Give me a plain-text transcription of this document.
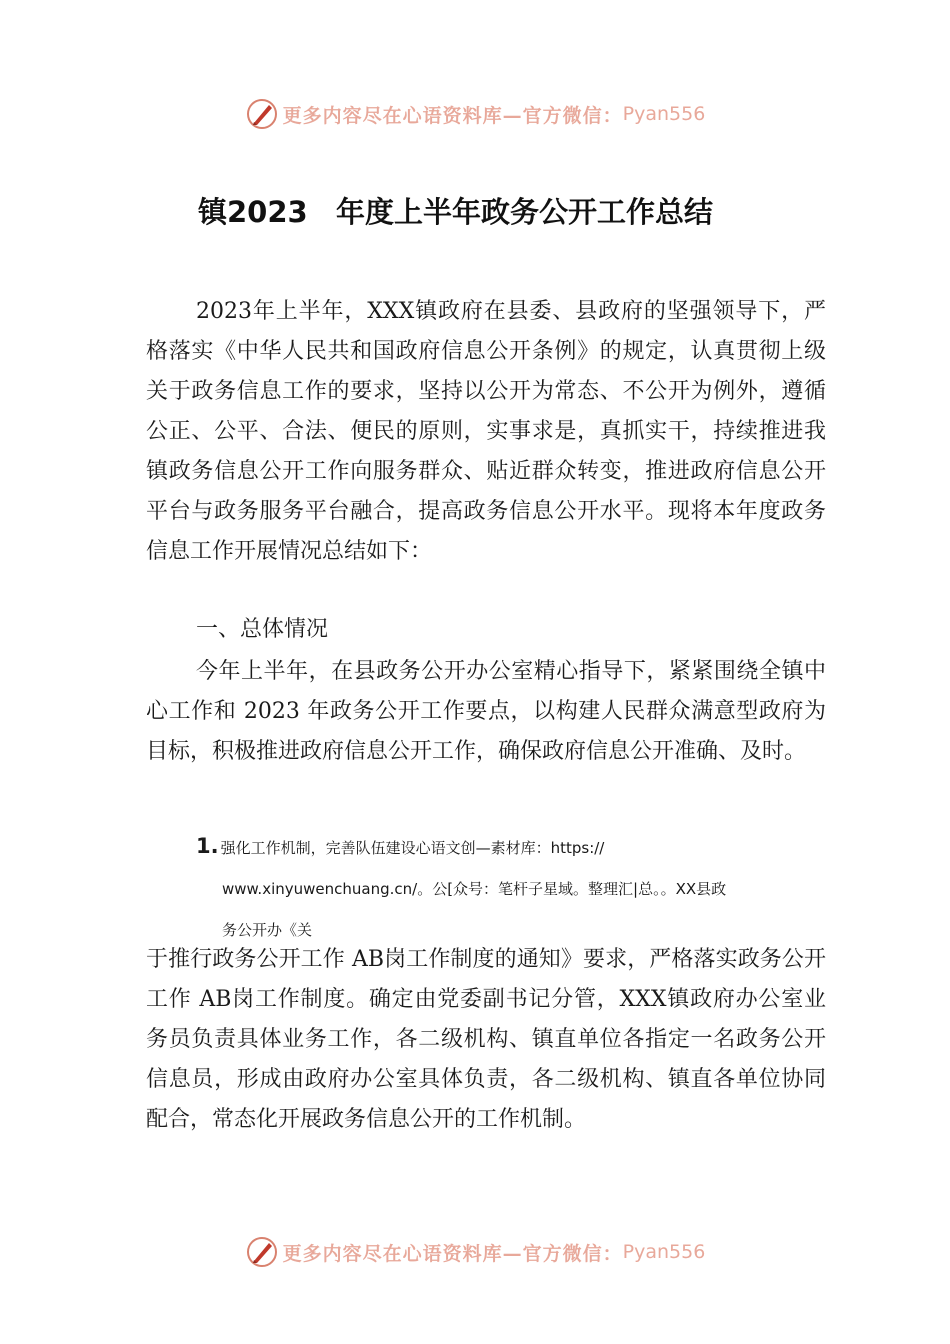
更多内容尽在心语资料库—官方微信： Pyan556
镇2023 年度上半年政务公开工作总结

2023年上半年，XXX镇政府在县委、县政府的坚强领导下，严格落实《中华人民共和国政府信息公开条例》的规定，认真贯彻上级关于政务信息工作的要求，坚持以公开为常态、不公开为例外，遵循公正、公平、合法、便民的原则，实事求是，真抓实干，持续推进我镇政务信息公开工作向服务群众、贴近群众转变，推进政府信息公开平台与政务服务平台融合，提高政务信息公开水平。现将本年度政务信息工作开展情况总结如下：

一、总体情况

今年上半年，在县政务公开办公室精心指导下，紧紧围绕全镇中心工作和 2023 年政务公开工作要点，以构建人民群众满意型政府为目标，积极推进政府信息公开工作，确保政府信息公开准确、及时。

1. 强化工作机制，完善队伍建设心语文创—素材库：https://
www.xinyuwenchuang.cn/。公[众号：笔杆子星域。整理汇|总。。XX县政
务公开办《关

于推行政务公开工作 AB岗工作制度的通知》要求，严格落实政务公开工作 AB岗工作制度。确定由党委副书记分管，XXX镇政府办公室业务员负责具体业务工作，各二级机构、镇直单位各指定一名政务公开信息员，形成由政府办公室具体负责，各二级机构、镇直各单位协同配合，常态化开展政务信息公开的工作机制。

更多内容尽在心语资料库—官方微信： Pyan556
